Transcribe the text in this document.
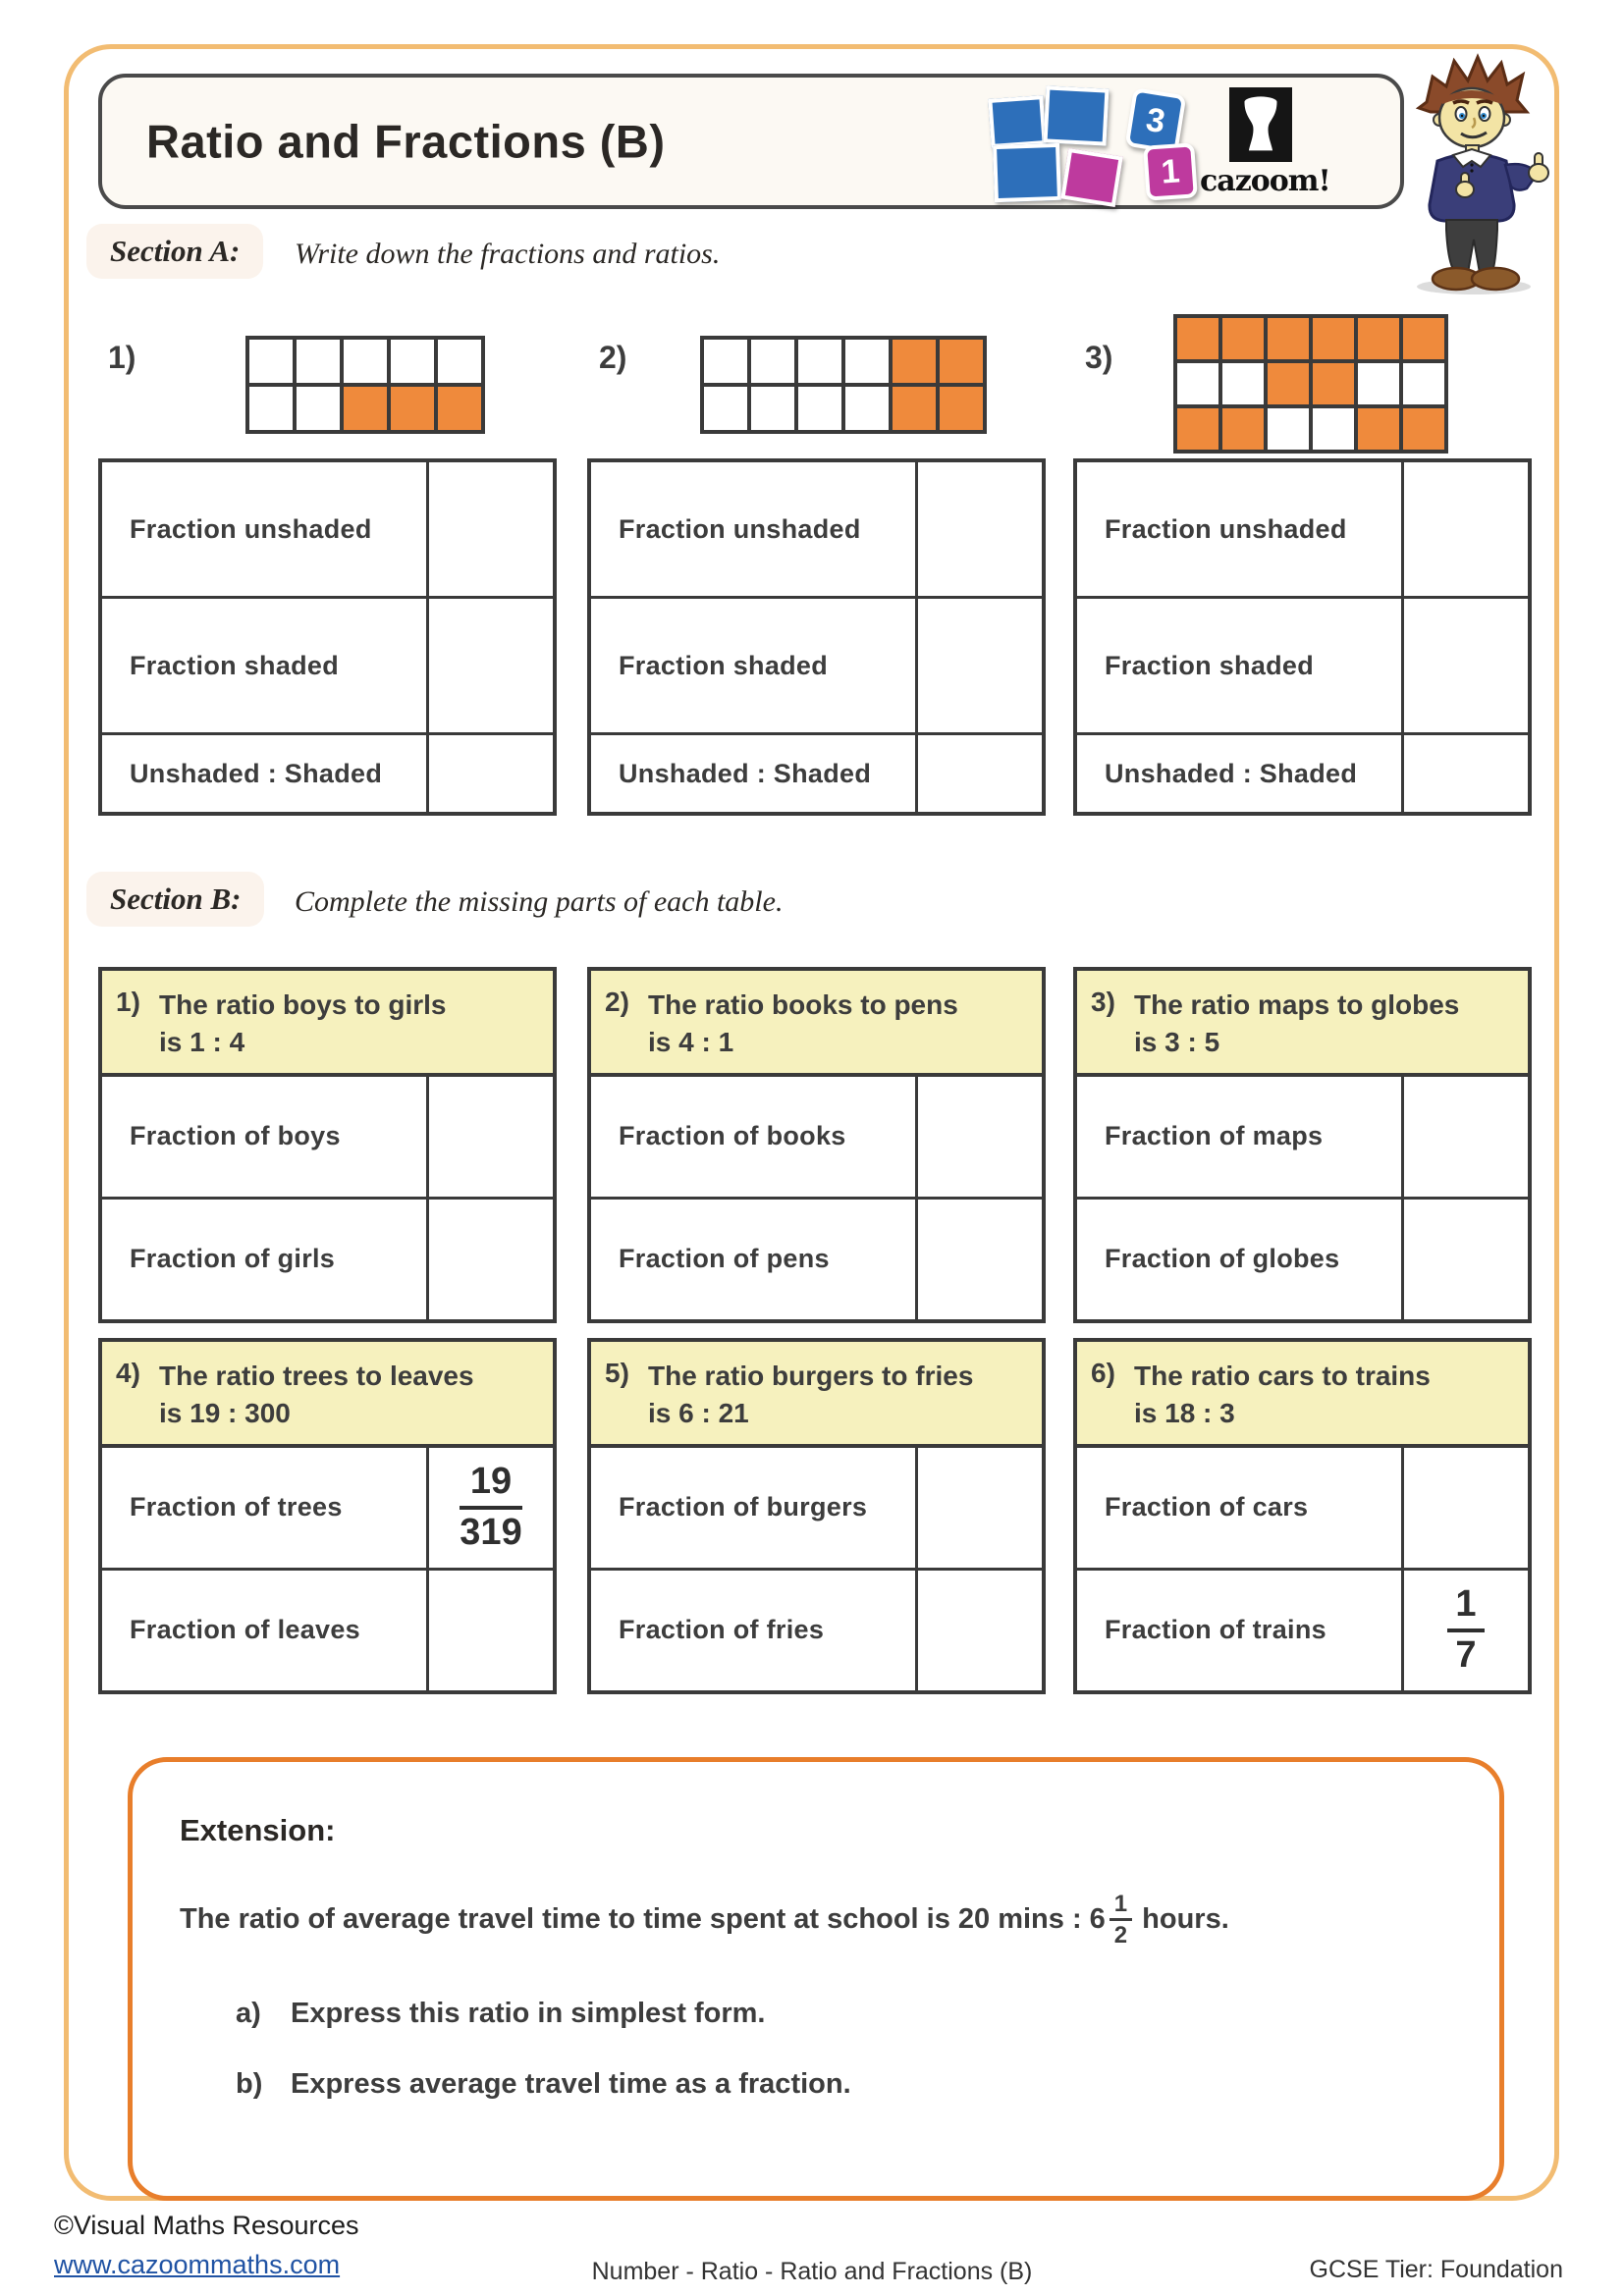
Ratio and Fractions (B)	3
1 cazoom!
Section A:	Write down the fractions and ratios.
1)
Fraction unshaded
Fraction shaded
Unshaded : Shaded
2)
Fraction unshaded
Fraction shaded
Unshaded : Shaded
3)
Fraction unshaded
Fraction shaded
Unshaded : Shaded
Section B:	Complete the missing parts of each table.
1) The ratio boys to girls
is 1 : 4
Fraction of boys
Fraction of girls
2) The ratio books to pens
is 4 : 1
Fraction of books
Fraction of pens
3) The ratio maps to globes
is 3 : 5
Fraction of maps
Fraction of globes
4) The ratio trees to leaves
is 19 : 300
Fraction of trees	$\frac{19}{319}$
Fraction of leaves
5) The ratio burgers to fries
is 6 : 21
Fraction of burgers
Fraction of fries
6) The ratio cars to trains
is 18 : 3
Fraction of cars
Fraction of trains	$\frac{1}{7}$
Extension:
The ratio of average travel time to time spent at school is 20 mins : $6 \frac{1}{2}$ hours.
a)	Express this ratio in simplest form.
b) Express average travel time as a fraction.
©Visual Maths Resources
www.cazoommaths.com	Number - Ratio - Ratio and Fractions (B)	GCSE Tier: Foundation
